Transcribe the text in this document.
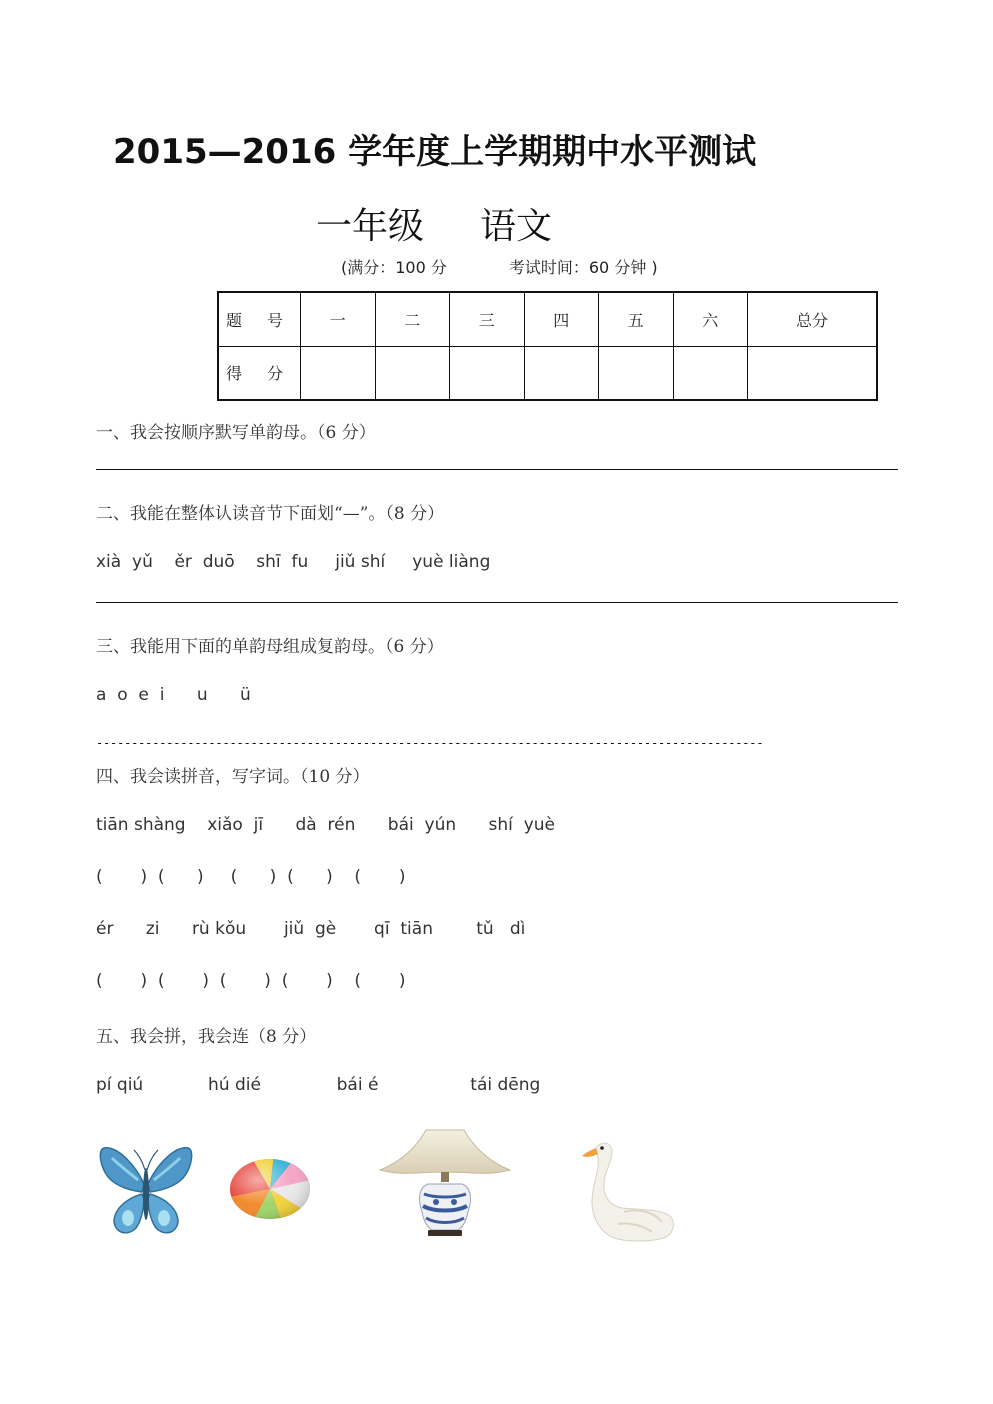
2015—2016 学年度上学期期中水平测试
一年级 语文
(满分：100 分	考试时间：60 分钟 )
题 号	一	二	三	四	五	六	总分
得 分							
一、我会按顺序默写单韵母。（6 分）
二、我能在整体认读音节下面划“—”。（8 分）
xià  yǔ    ěr  duō    shī  fu     jiǔ shí     yuè liàng
三、我能用下面的单韵母组成复韵母。（6 分）
a  o  e  i      u      ü
-----------------------------------------------------------------------------------------------
四、我会读拼音，写字词。（10 分）
tiān shàng    xiǎo  jī      dà  rén      bái  yún      shí  yuè
(       )  (      )     (      )  (      )    (       )
ér      zi      rù kǒu       jiǔ  gè       qī  tiān        tǔ   dì
(       )  (       )  (       )  (       )    (       )
五、我会拼，我会连（8 分）
pí qiú            hú dié              bái é                 tái dēng
